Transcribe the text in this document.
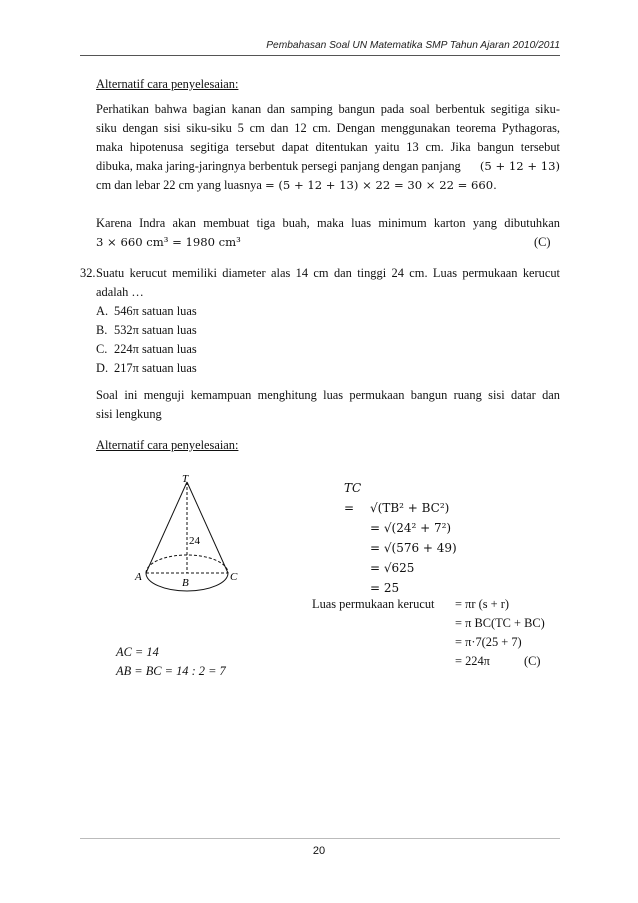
Pembahasan Soal UN Matematika SMP Tahun Ajaran 2010/2011
Alternatif cara penyelesaian:
Perhatikan bahwa bagian kanan dan samping bangun pada soal berbentuk segitiga siku-
siku dengan sisi siku-siku 5 cm dan 12 cm. Dengan menggunakan teorema Pythagoras,
maka hipotenusa segitiga tersebut dapat ditentukan yaitu 13 cm. Jika bangun tersebut
dibuka, maka jaring-jaringnya berbentuk persegi panjang dengan panjang (5 + 12 + 13)
cm dan lebar 22 cm yang luasnya = (5 + 12 + 13) × 22 = 30 × 22 = 660.
Karena Indra akan membuat tiga buah, maka luas minimum karton yang dibutuhkan
3 × 660 cm³ = 1980 cm³	(C)
32. Suatu kerucut memiliki diameter alas 14 cm dan tinggi 24 cm. Luas permukaan kerucut
adalah …
A. 546π satuan luas
B. 532π satuan luas
C. 224π satuan luas
D. 217π satuan luas
Soal ini menguji kemampuan menghitung luas permukaan bangun ruang sisi datar dan
sisi lengkung
Alternatif cara penyelesaian:
T
24
A	B	C
TC = √(TB² + BC²)
= √(24² + 7²)
= √(576 + 49)
= √625
= 25
Luas permukaan kerucut = πr (s + r)
= π BC(TC + BC)
= π·7(25 + 7)
= 224π	(C)
AC = 14
AB = BC = 14 : 2 = 7
20
